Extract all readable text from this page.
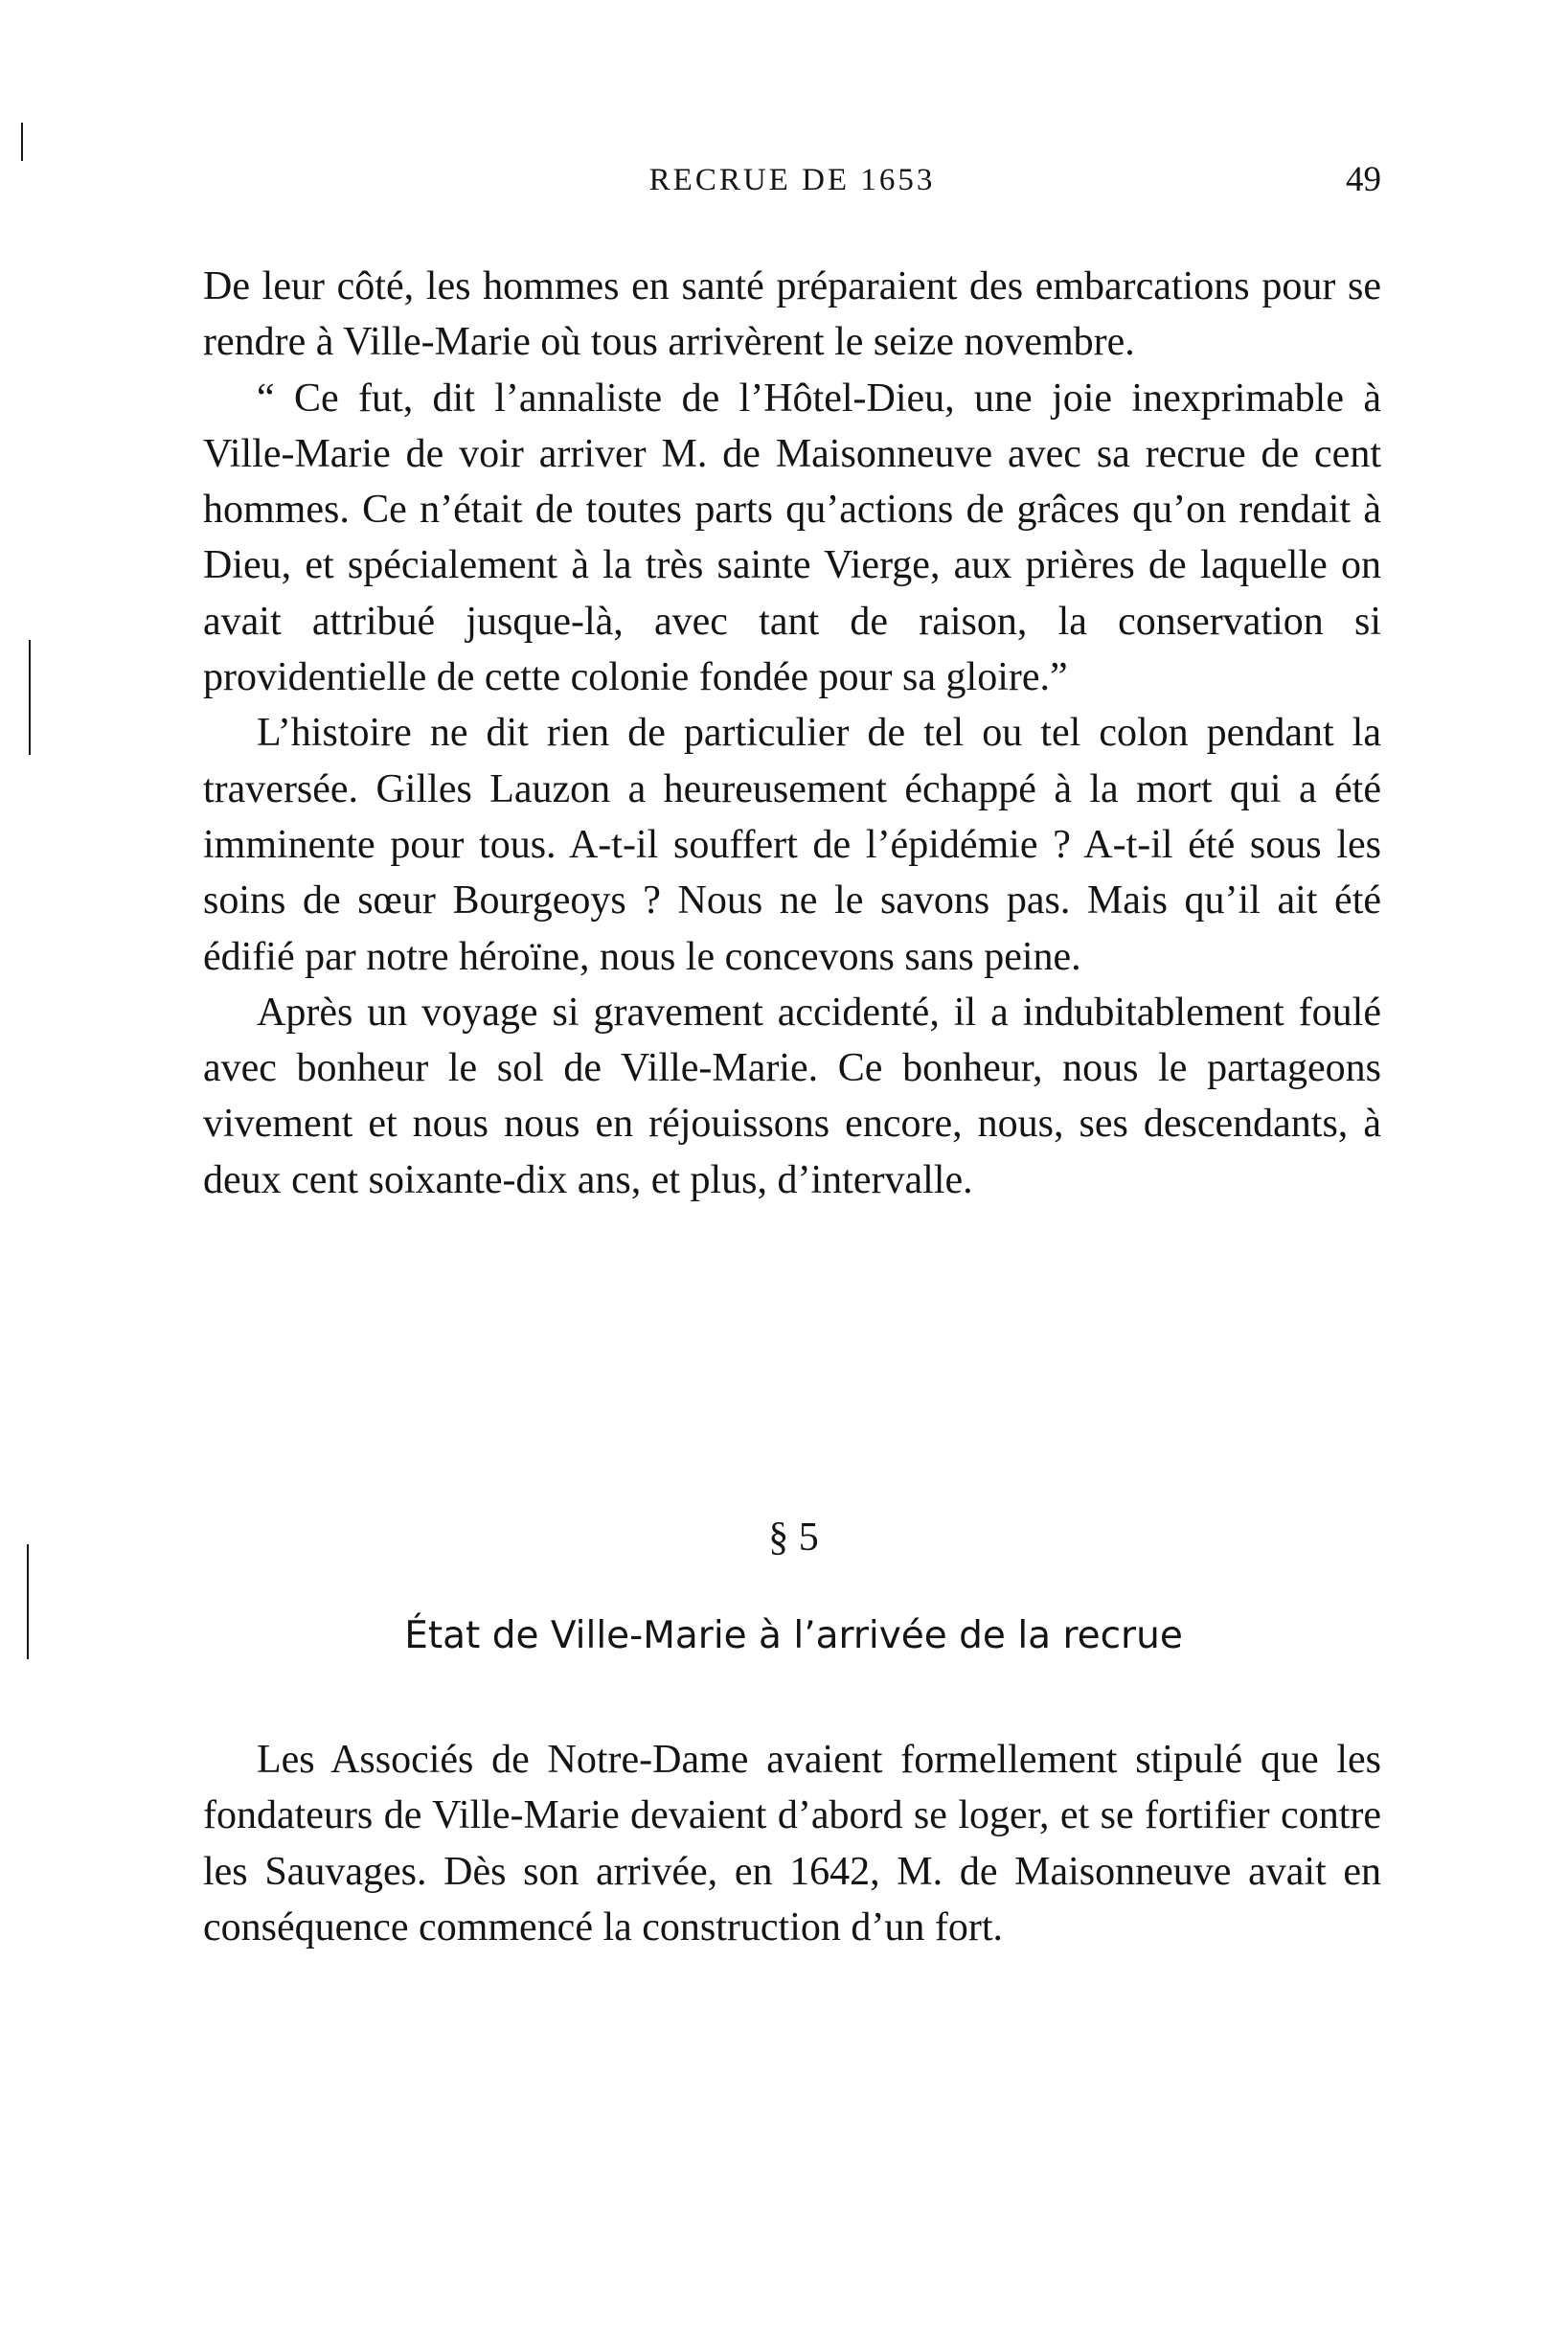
RECRUE DE 1653	49

De leur côté, les hommes en santé préparaient des embarcations pour se rendre à Ville-Marie où tous arrivèrent le seize novembre.

“ Ce fut, dit l’annaliste de l’Hôtel-Dieu, une joie inexprimable à Ville-Marie de voir arriver M. de Maisonneuve avec sa recrue de cent hommes. Ce n’était de toutes parts qu’actions de grâces qu’on rendait à Dieu, et spécialement à la très sainte Vierge, aux prières de laquelle on avait attribué jusque-là, avec tant de raison, la conservation si providentielle de cette colonie fondée pour sa gloire.”

L’histoire ne dit rien de particulier de tel ou tel colon pendant la traversée. Gilles Lauzon a heureusement échappé à la mort qui a été imminente pour tous. A-t-il souffert de l’épidémie ? A-t-il été sous les soins de sœur Bourgeoys ? Nous ne le savons pas. Mais qu’il ait été édifié par notre héroïne, nous le concevons sans peine.

Après un voyage si gravement accidenté, il a indubitablement foulé avec bonheur le sol de Ville-Marie. Ce bonheur, nous le partageons vivement et nous nous en réjouissons encore, nous, ses descendants, à deux cent soixante-dix ans, et plus, d’intervalle.

§ 5
État de Ville-Marie à l’arrivée de la recrue

Les Associés de Notre-Dame avaient formellement stipulé que les fondateurs de Ville-Marie devaient d’abord se loger, et se fortifier contre les Sauvages. Dès son arrivée, en 1642, M. de Maisonneuve avait en conséquence commencé la construction d’un fort.
